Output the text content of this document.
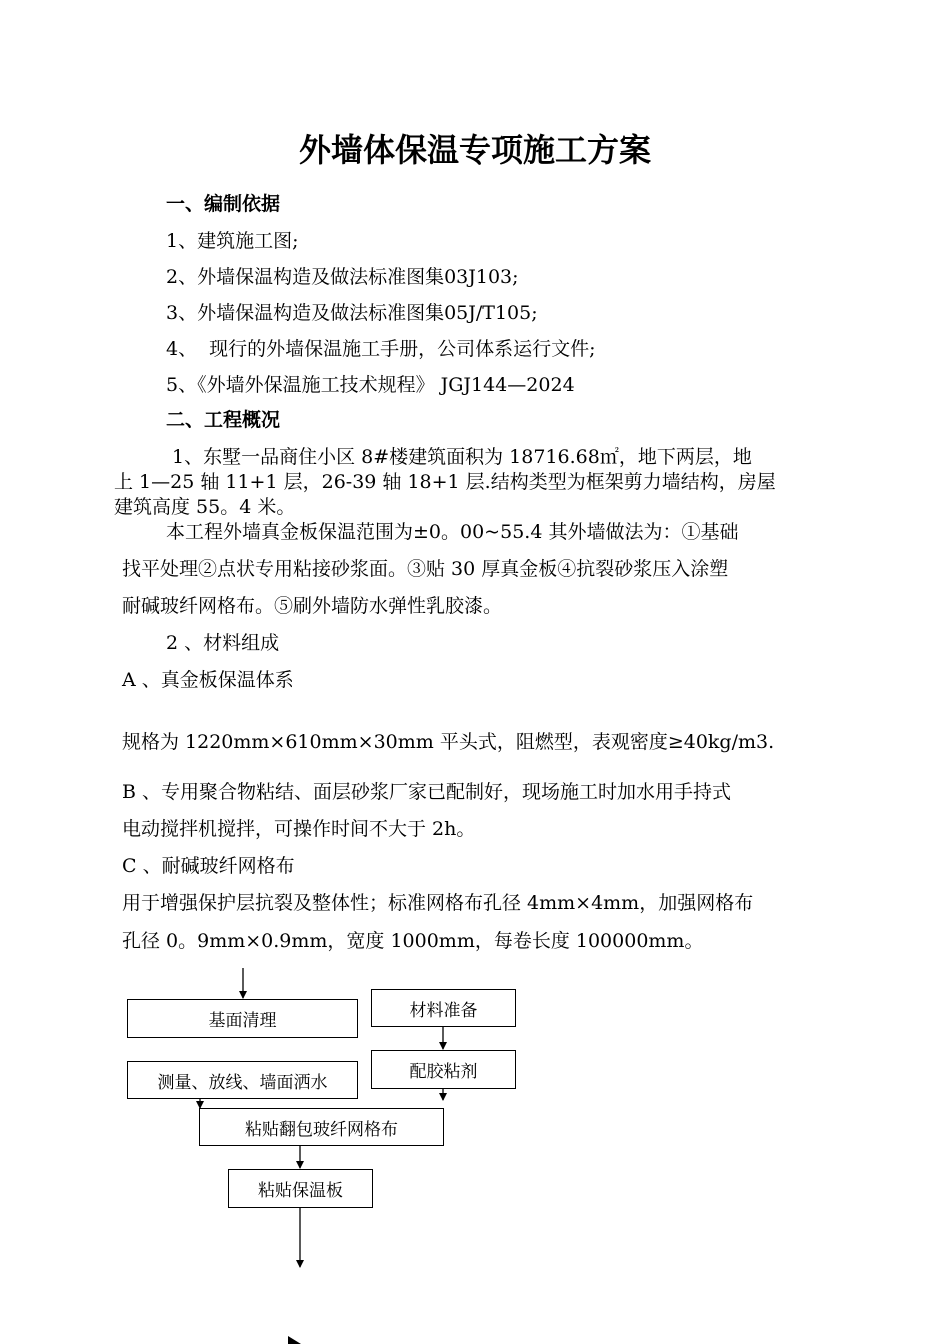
外墙体保温专项施工方案
一、编制依据
1、建筑施工图;
2、外墙保温构造及做法标准图集03J103;
3、外墙保温构造及做法标准图集05J/T105;
4、  现行的外墙保温施工手册，公司体系运行文件;
5、《外墙外保温施工技术规程》 JGJ144—2024
二、工程概况
1、东墅一品商住小区 8#楼建筑面积为 18716.68㎡，地下两层，地
上 1—25 轴 11+1 层，26-39 轴 18+1 层.结构类型为框架剪力墙结构，房屋
建筑高度 55。4 米。
本工程外墙真金板保温范围为±0。00~55.4 其外墙做法为：①基础
找平处理②点状专用粘接砂浆面。③贴 30 厚真金板④抗裂砂浆压入涂塑
耐碱玻纤网格布。⑤刷外墙防水弹性乳胶漆。
2 、材料组成
A 、真金板保温体系
规格为 1220mm×610mm×30mm 平头式，阻燃型，表观密度≥40kg/m3.
B 、专用聚合物粘结、面层砂浆厂家已配制好，现场施工时加水用手持式
电动搅拌机搅拌，可操作时间不大于 2h。
C 、耐碱玻纤网格布
用于增强保护层抗裂及整体性；标准网格布孔径 4mm×4mm，加强网格布
孔径 0。9mm×0.9mm，宽度 1000mm，每卷长度 100000mm。
基面清理
材料准备
测量、放线、墙面洒水
配胶粘剂
粘贴翻包玻纤网格布
粘贴保温板
